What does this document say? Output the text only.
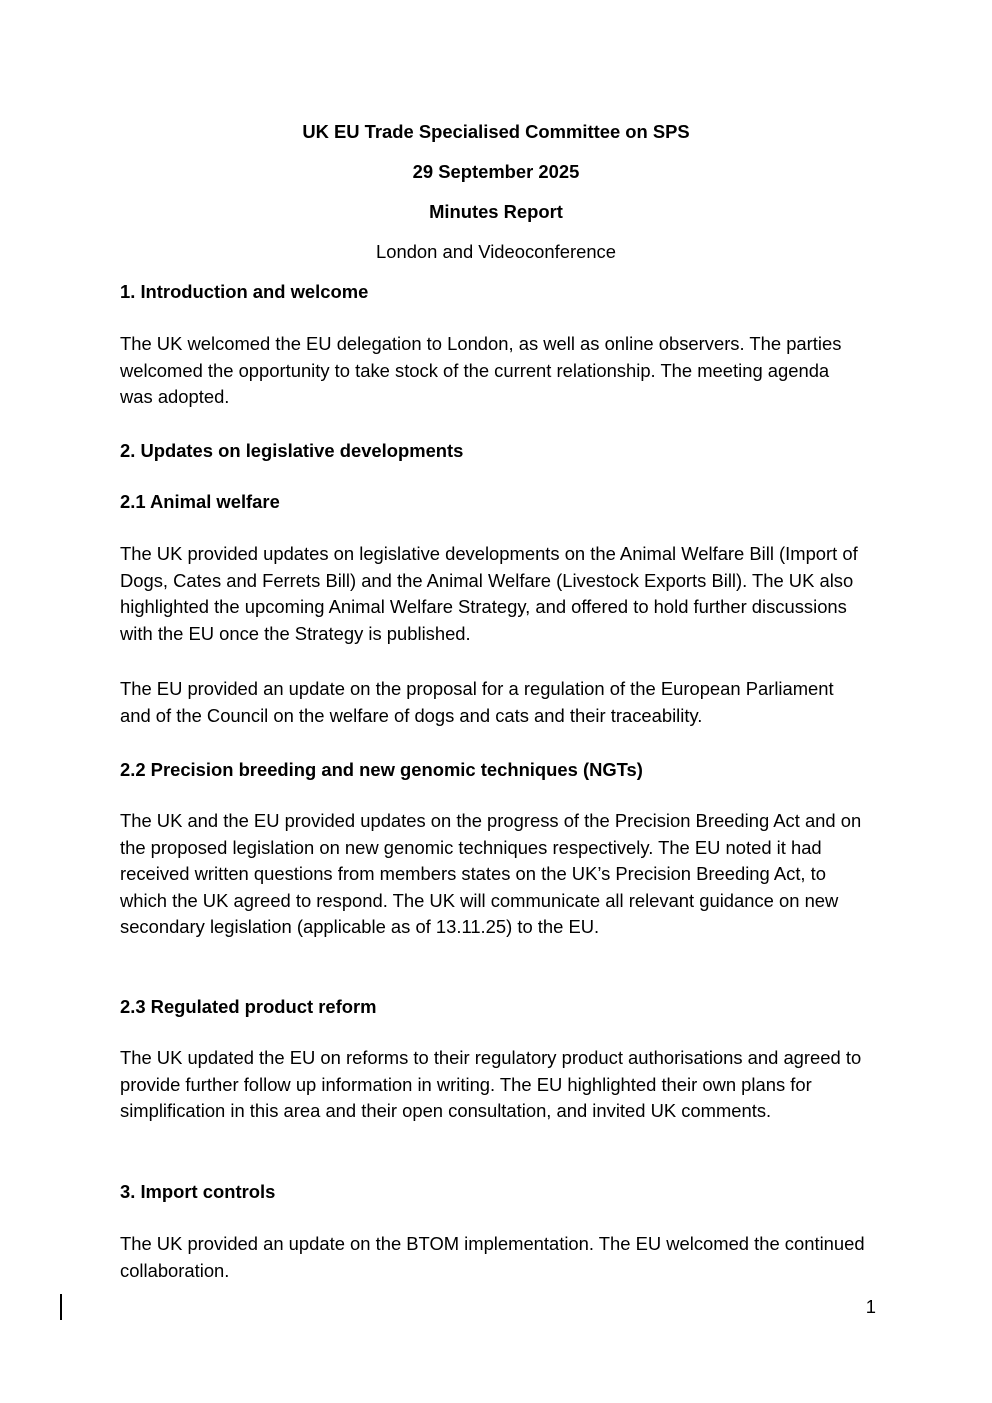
UK EU Trade Specialised Committee on SPS
29 September 2025
Minutes Report
London and Videoconference
1. Introduction and welcome
The UK welcomed the EU delegation to London, as well as online observers. The parties welcomed the opportunity to take stock of the current relationship. The meeting agenda was adopted.
2. Updates on legislative developments
2.1 Animal welfare
The UK provided updates on legislative developments on the Animal Welfare Bill (Import of Dogs, Cates and Ferrets Bill) and the Animal Welfare (Livestock Exports Bill). The UK also highlighted the upcoming Animal Welfare Strategy, and offered to hold further discussions with the EU once the Strategy is published.
The EU provided an update on the proposal for a regulation of the European Parliament and of the Council on the welfare of dogs and cats and their traceability.
2.2 Precision breeding and new genomic techniques (NGTs)
The UK and the EU provided updates on the progress of the Precision Breeding Act and on the proposed legislation on new genomic techniques respectively. The EU noted it had received written questions from members states on the UK’s Precision Breeding Act, to which the UK agreed to respond. The UK will communicate all relevant guidance on new secondary legislation (applicable as of 13.11.25) to the EU.
2.3 Regulated product reform
The UK updated the EU on reforms to their regulatory product authorisations and agreed to provide further follow up information in writing. The EU highlighted their own plans for simplification in this area and their open consultation, and invited UK comments.
3. Import controls
The UK provided an update on the BTOM implementation. The EU welcomed the continued collaboration.
1
